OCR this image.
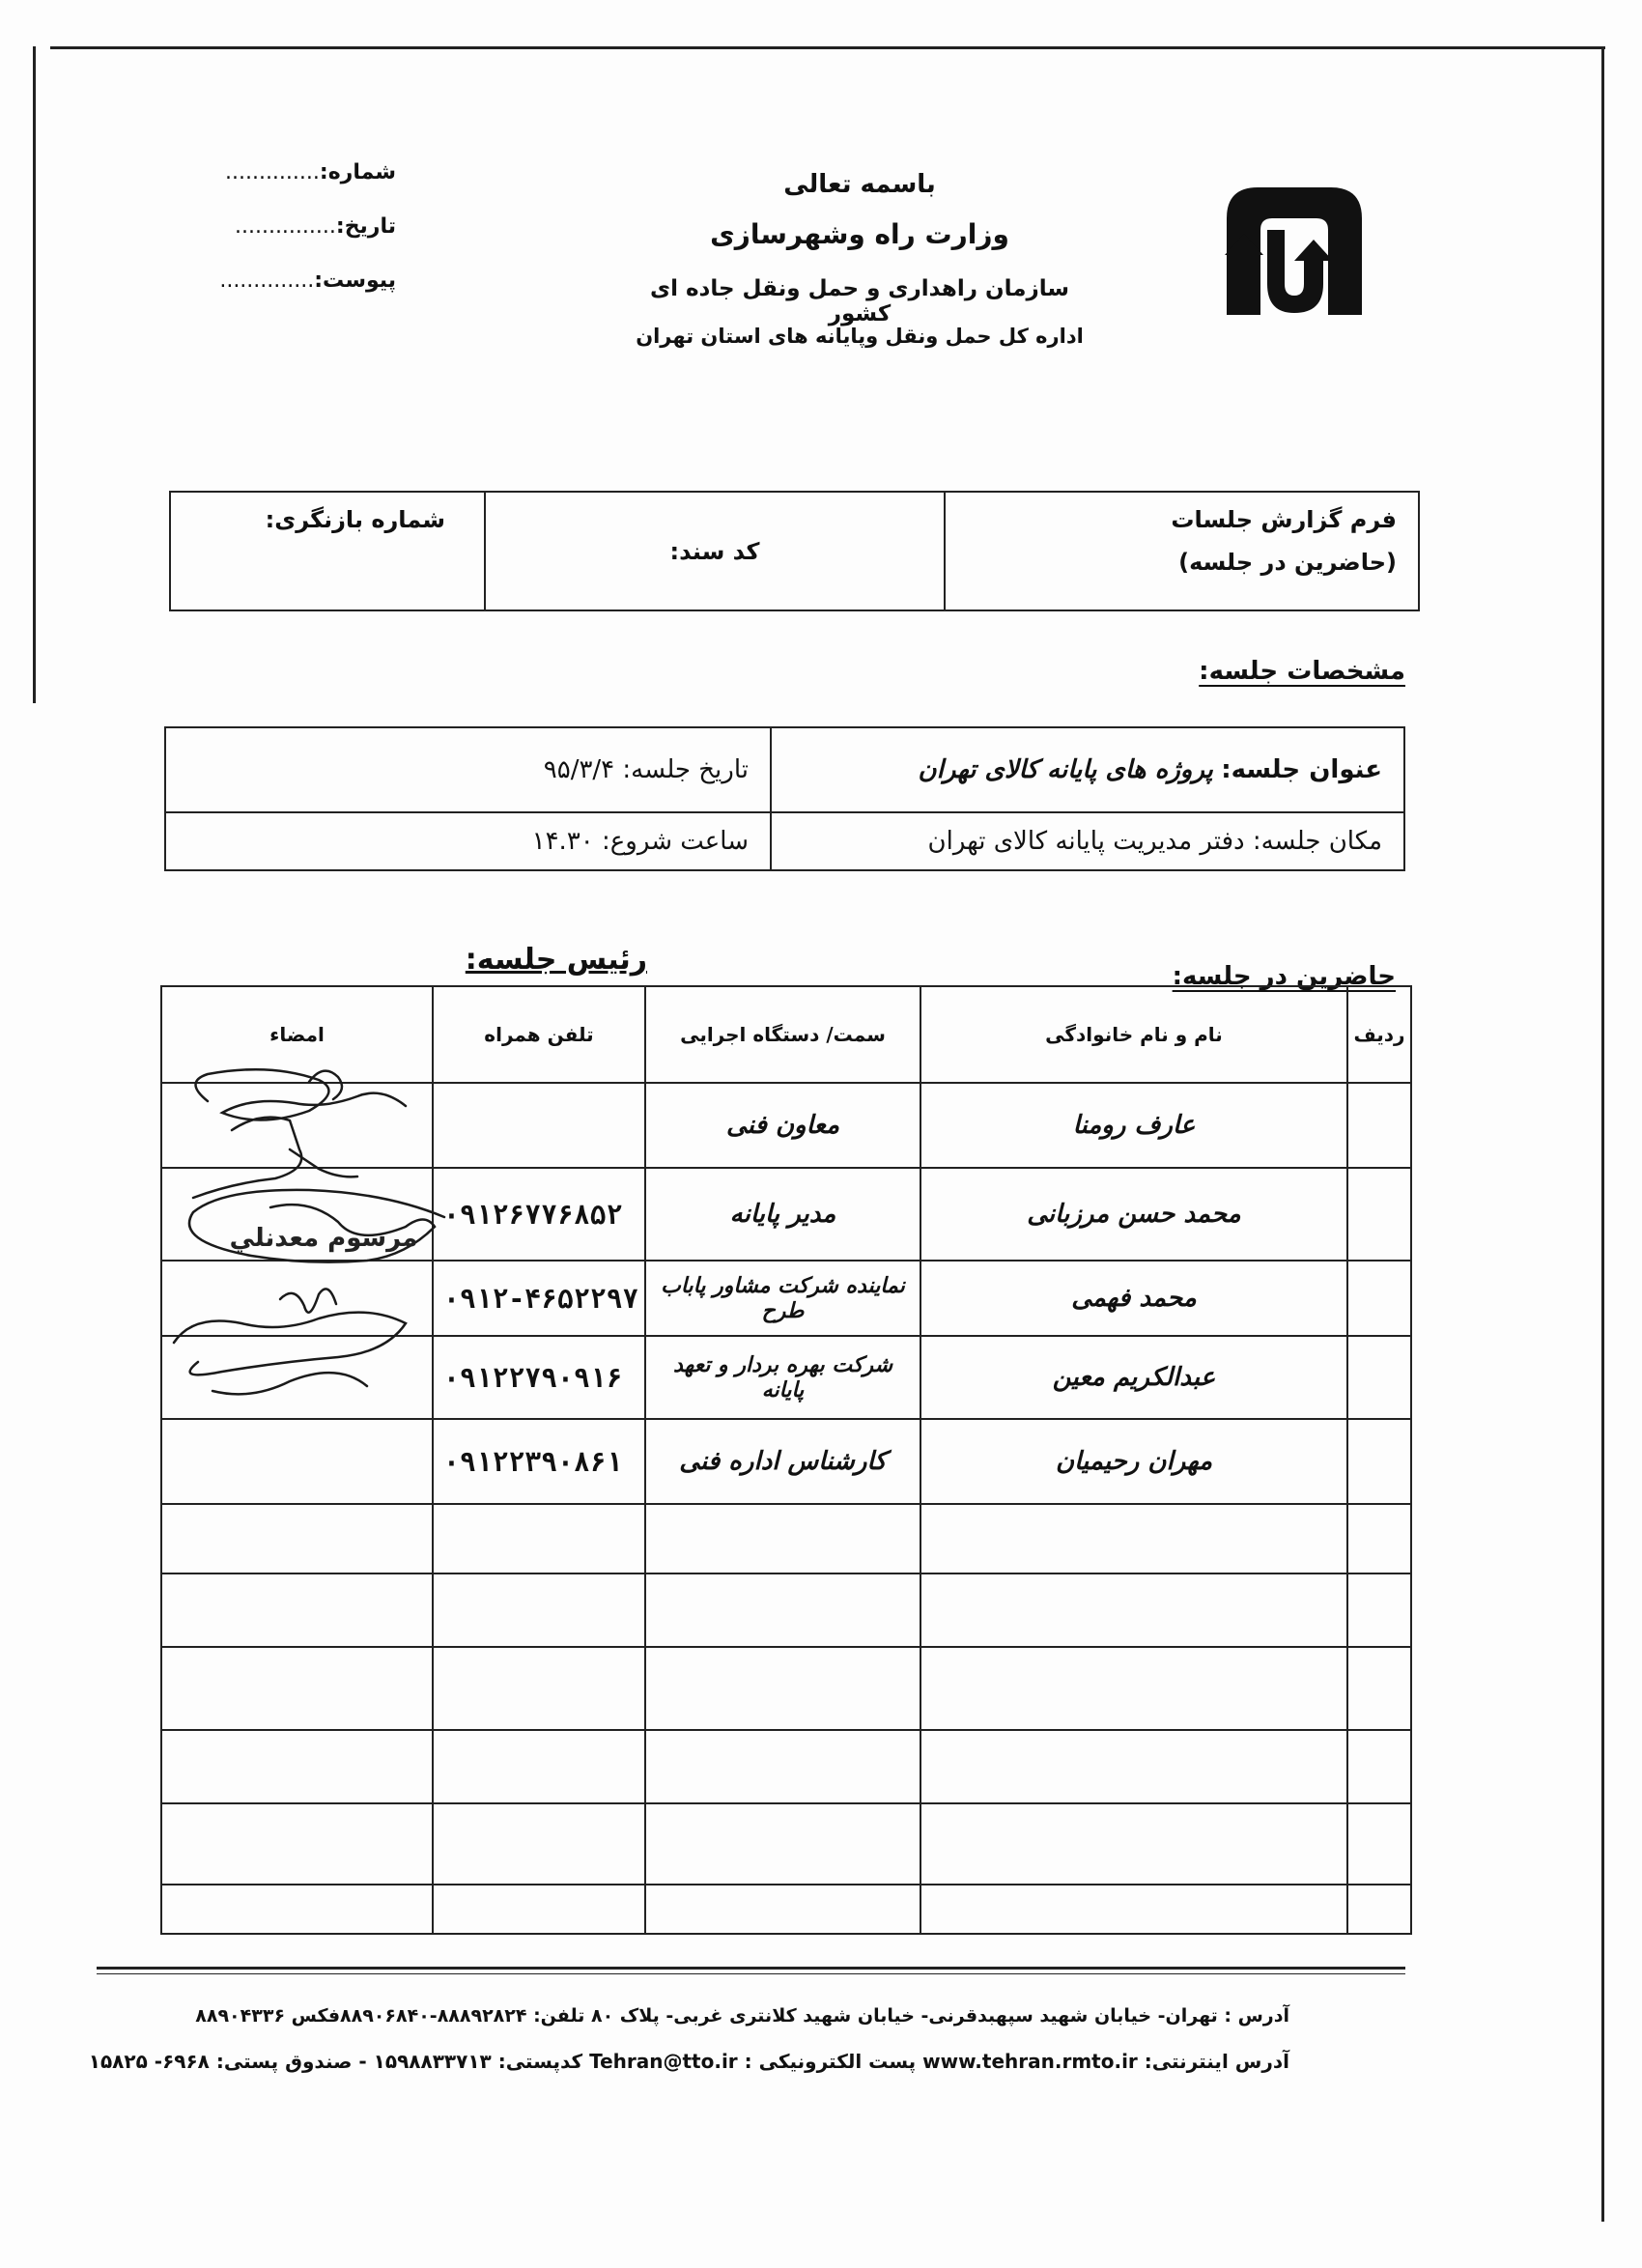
شماره:..............
تاریخ:...............
پیوست:..............
باسمه تعالی
وزارت راه وشهرسازی
سازمان راهداری و حمل ونقل جاده ای کشور
اداره کل حمل ونقل وپایانه های استان تهران
فرم گزارش جلسات
(حاضرین در جلسه)
	کد سند:	شماره بازنگری:
مشخصات جلسه:
عنوان جلسه: پروژه های پایانه کالای تهران	تاریخ جلسه: ۹۵/۳/۴
مکان جلسه: دفتر مدیریت پایانه کالای تهران	ساعت شروع: ۱۴.۳۰
حاضرین در جلسه:
رئیس جلسه:
ردیف	نام و نام خانوادگی	سمت/ دستگاه اجرایی	تلفن همراه	امضاء
	عارف رومنا	معاون فنی		
	محمد حسن مرزبانی	مدیر پایانه	۰۹۱۲۶۷۷۶۸۵۲	
	محمد فهمی	نماینده شرکت مشاور پاباب طرح	۰۹۱۲-۴۶۵۲۲۹۷	
	عبدالکریم معین	شرکت بهره بردار و تعهد پایانه	۰۹۱۲۲۷۹۰۹۱۶	
	مهران رحیمیان	کارشناس اداره فنی	۰۹۱۲۲۳۹۰۸۶۱	

مرسوم معدنلي
آدرس : تهران- خیابان شهید سپهبدقرنی- خیابان شهید کلانتری غربی- پلاک ۸۰ تلفن: ۸۸۸۹۲۸۲۴-۸۸۹۰۶۸۴۰فکس ۸۸۹۰۴۳۳۶
آدرس اینترنتی: www.tehran.rmto.ir پست الکترونیکی : Tehran@tto.ir کدپستی: ۱۵۹۸۸۳۳۷۱۳ - صندوق پستی: ۶۹۶۸- ۱۵۸۲۵
